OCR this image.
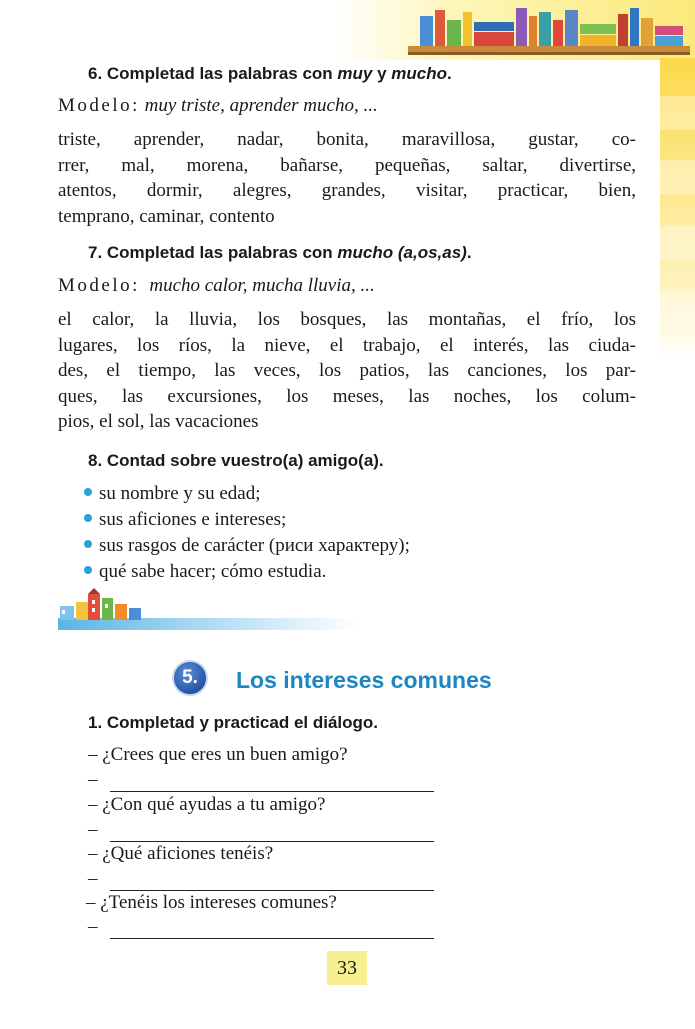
6. Completad las palabras con muy y mucho.
Modelo: muy triste, aprender mucho, ...
triste, aprender, nadar, bonita, maravillosa, gustar, co-
rrer, mal, morena, bañarse, pequeñas, saltar, divertirse,
atentos, dormir, alegres, grandes, visitar, practicar, bien,
temprano, caminar, contento
7. Completad las palabras con mucho (a,os,as).
Modelo: mucho calor, mucha lluvia, ...
el calor, la lluvia, los bosques, las montañas, el frío, los
lugares, los ríos, la nieve, el trabajo, el interés, las ciuda-
des, el tiempo, las veces, los patios, las canciones, los par-
ques, las excursiones, los meses, las noches, los colum-
pios, el sol, las vacaciones
8. Contad sobre vuestro(a) amigo(a).
su nombre y su edad;
sus aficiones e intereses;
sus rasgos de carácter (риси характеру);
qué sabe hacer; cómo estudia.
5.	Los intereses comunes
1. Completad y practicad el diálogo.
– ¿Crees que eres un buen amigo?
–
– ¿Con qué ayudas a tu amigo?
–
– ¿Qué aficiones tenéis?
–
– ¿Tenéis los intereses comunes?
–
33
